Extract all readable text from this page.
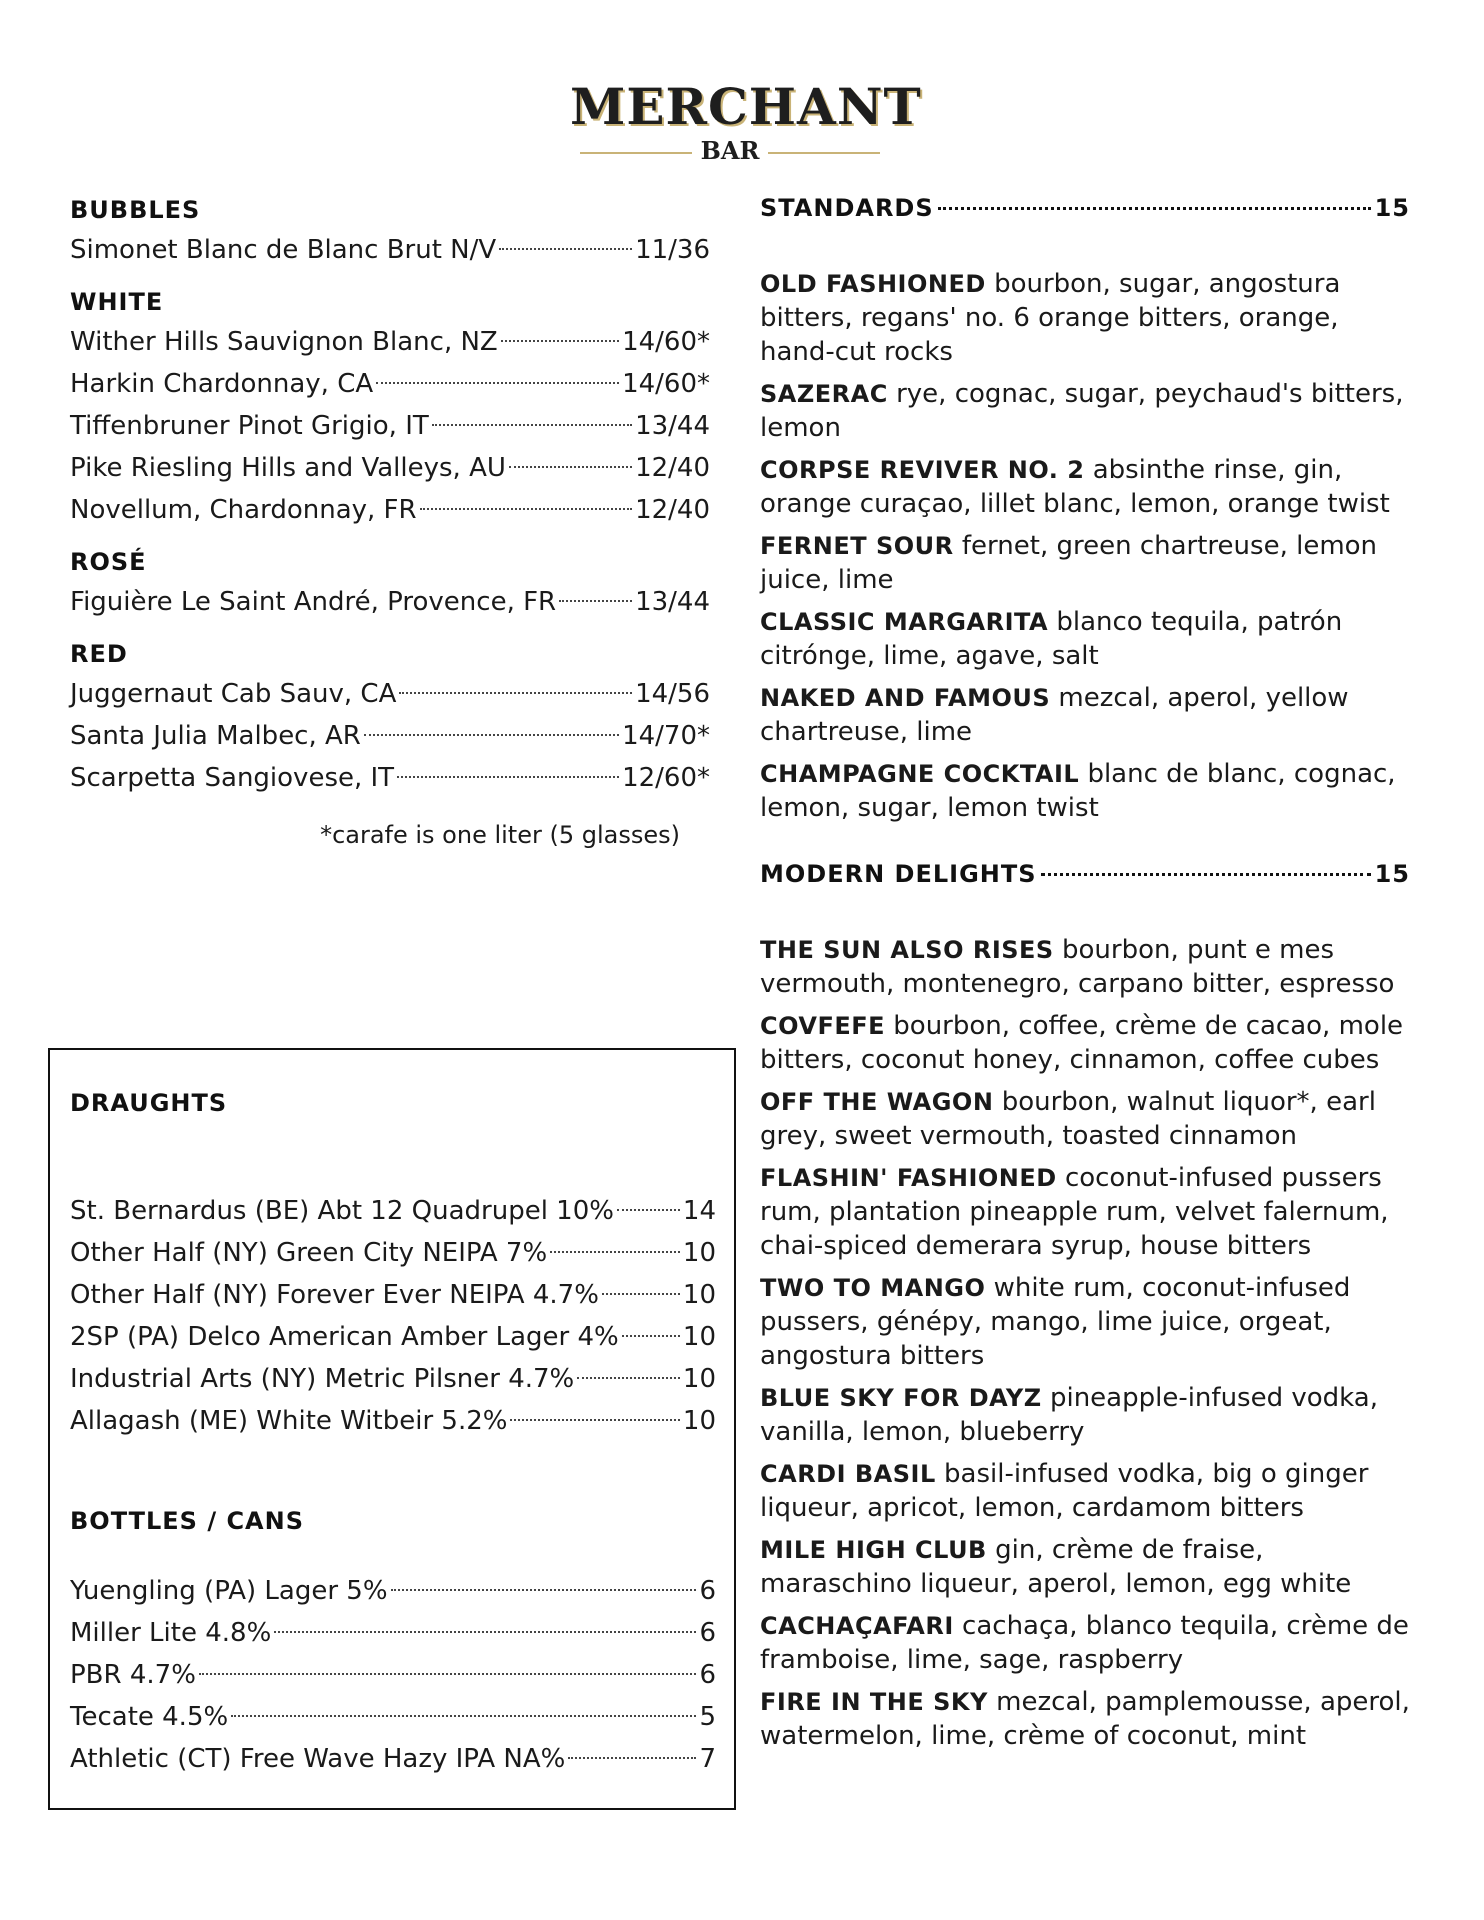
MERCHANT
BAR
BUBBLES
Simonet Blanc de Blanc Brut N/V	11/36
WHITE
Wither Hills Sauvignon Blanc, NZ	14/60*
Harkin Chardonnay, CA	14/60*
Tiffenbruner Pinot Grigio, IT	13/44
Pike Riesling Hills and Valleys, AU	12/40
Novellum, Chardonnay, FR	12/40
ROSÉ
Figuière Le Saint André, Provence, FR	13/44
RED
Juggernaut Cab Sauv, CA	14/56
Santa Julia Malbec, AR	14/70*
Scarpetta Sangiovese, IT	12/60*
*carafe is one liter (5 glasses)
DRAUGHTS
St. Bernardus (BE) Abt 12 Quadrupel 10%	14
Other Half (NY) Green City NEIPA 7%	10
Other Half (NY) Forever Ever NEIPA 4.7%	10
2SP (PA) Delco American Amber Lager 4% 10
Industrial Arts (NY) Metric Pilsner 4.7%	10
Allagash (ME) White Witbeir 5.2%	10
BOTTLES / CANS
Yuengling (PA) Lager 5%	6
Miller Lite 4.8%	6
PBR 4.7%	6
Tecate 4.5%	5
Athletic (CT) Free Wave Hazy IPA NA%	7
STANDARDS	15
OLD FASHIONED bourbon, sugar, angostura bitters, regans' no. 6 orange bitters, orange, hand-cut rocks
SAZERAC rye, cognac, sugar, peychaud's bitters, lemon
CORPSE REVIVER NO. 2 absinthe rinse, gin, orange curaçao, lillet blanc, lemon, orange twist
FERNET SOUR fernet, green chartreuse, lemon juice, lime
CLASSIC MARGARITA blanco tequila, patrón citrónge, lime, agave, salt
NAKED AND FAMOUS mezcal, aperol, yellow chartreuse, lime
CHAMPAGNE COCKTAIL blanc de blanc, cognac, lemon, sugar, lemon twist
MODERN DELIGHTS	15
THE SUN ALSO RISES bourbon, punt e mes vermouth, montenegro, carpano bitter, espresso
COVFEFE bourbon, coffee, crème de cacao, mole bitters, coconut honey, cinnamon, coffee cubes
OFF THE WAGON bourbon, walnut liquor*, earl grey, sweet vermouth, toasted cinnamon
FLASHIN' FASHIONED coconut-infused pussers rum, plantation pineapple rum, velvet falernum, chai-spiced demerara syrup, house bitters
TWO TO MANGO white rum, coconut-infused pussers, génépy, mango, lime juice, orgeat, angostura bitters
BLUE SKY FOR DAYZ pineapple-infused vodka, vanilla, lemon, blueberry
CARDI BASIL basil-infused vodka, big o ginger liqueur, apricot, lemon, cardamom bitters
MILE HIGH CLUB gin, crème de fraise, maraschino liqueur, aperol, lemon, egg white
CACHAÇAFARI cachaça, blanco tequila, crème de framboise, lime, sage, raspberry
FIRE IN THE SKY mezcal, pamplemousse, aperol, watermelon, lime, crème of coconut, mint
